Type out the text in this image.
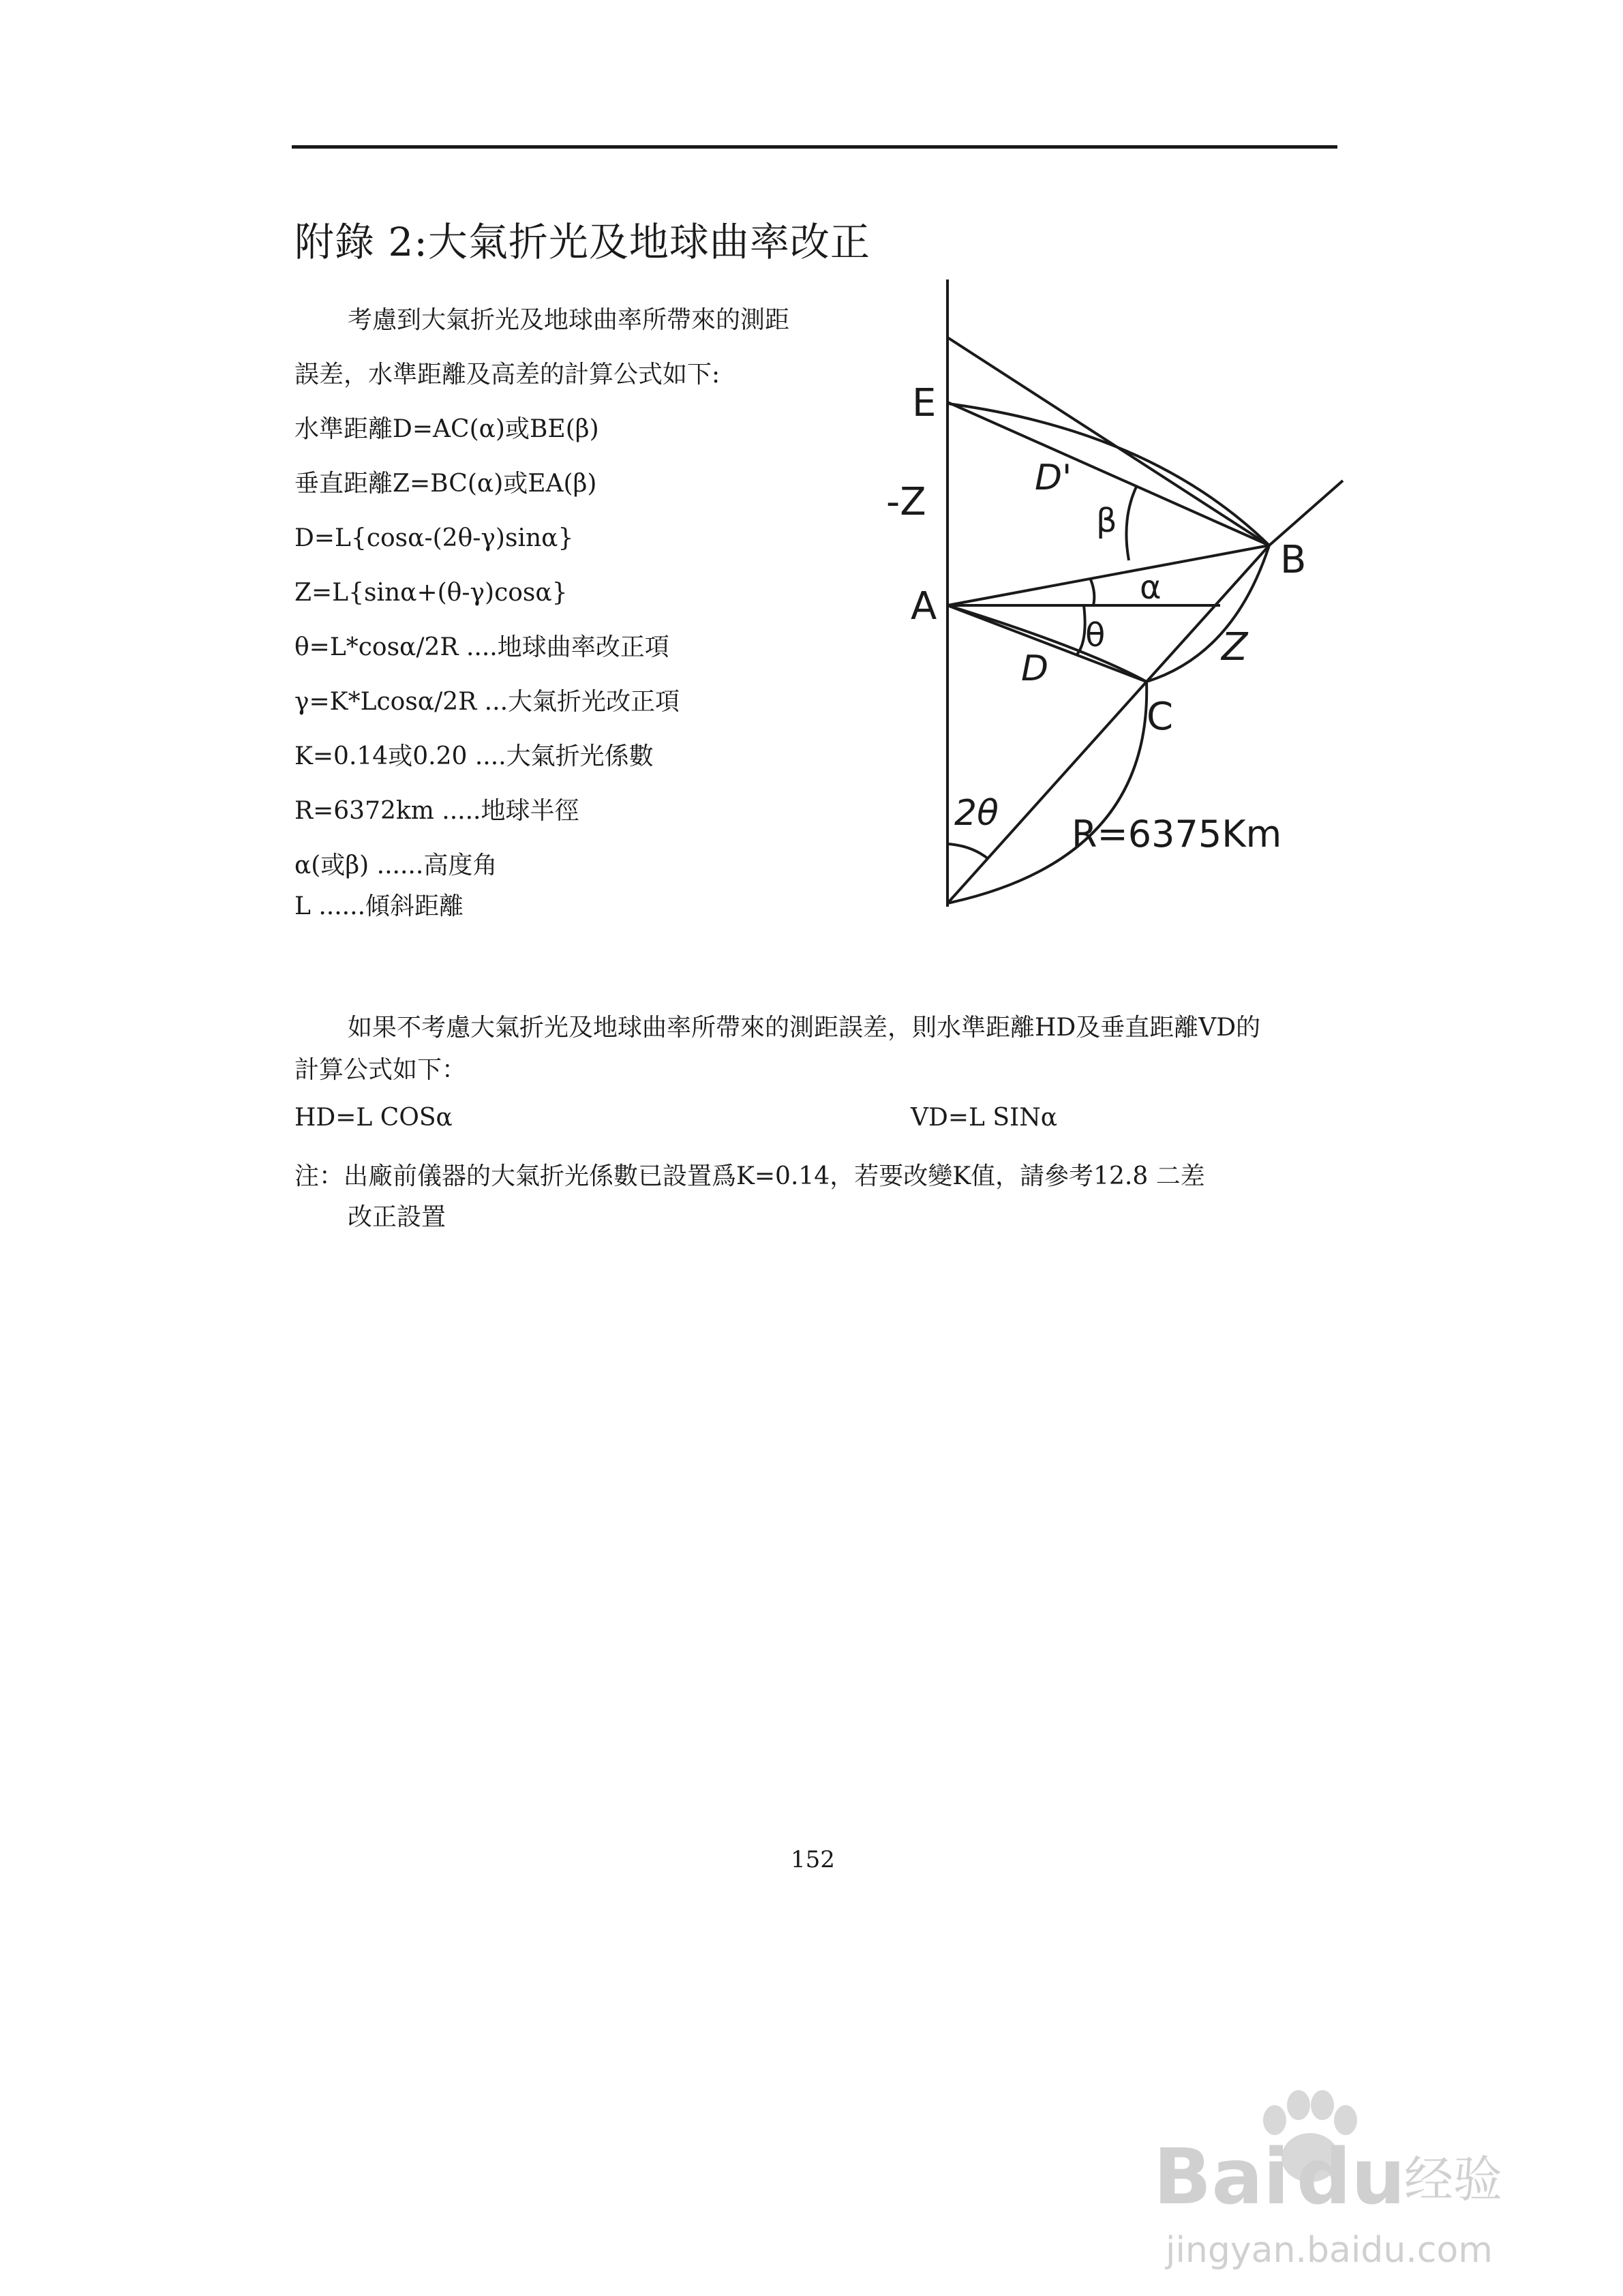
附錄 2:大氣折光及地球曲率改正
考慮到大氣折光及地球曲率所帶來的測距
誤差，水準距離及高差的計算公式如下:
水準距離D=AC(α)或BE(β)
垂直距離Z=BC(α)或EA(β)
D=L{cosα-(2θ-γ)sinα}
Z=L{sinα+(θ-γ)cosα}
θ=L*cosα/2R ....地球曲率改正項
γ=K*Lcosα/2R ...大氣折光改正項
K=0.14或0.20 ....大氣折光係數
R=6372km .....地球半徑
α(或β) ......高度角
L ......傾斜距離
E
-Z
A
D
D'
β
α
θ
B
Z
C
2θ R=6375Km
如果不考慮大氣折光及地球曲率所帶來的測距誤差，則水準距離HD及垂直距離VD的
計算公式如下：
HD=L COSα	VD=L SINα
注：出廠前儀器的大氣折光係數已設置爲K=0.14，若要改變K值，請參考12.8 二差
改正設置
152
Bai du
经验
jingyan.baidu.com
